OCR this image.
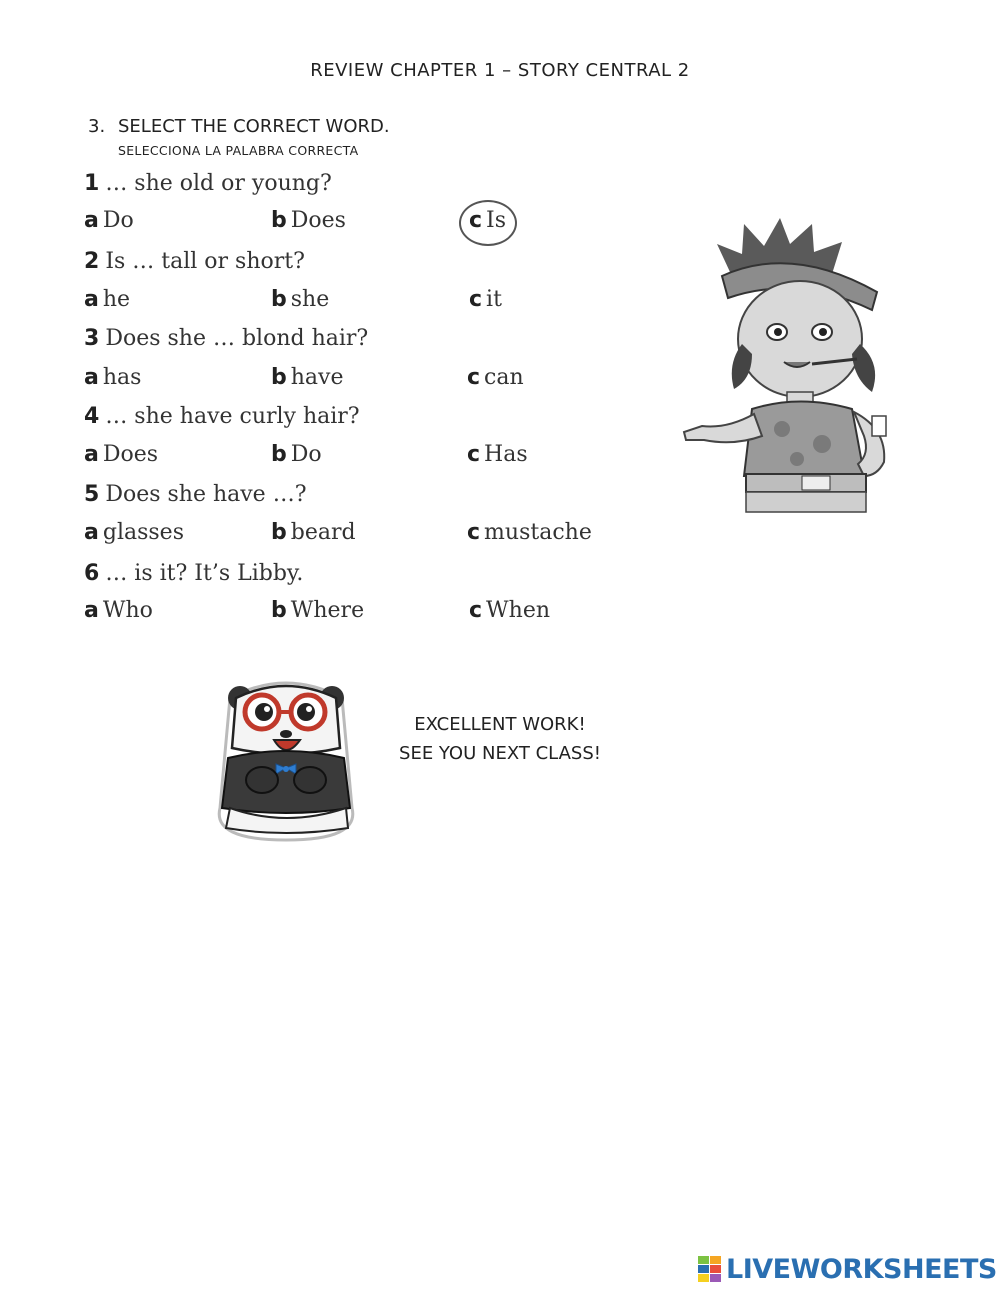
REVIEW CHAPTER 1 – STORY CENTRAL 2
3. SELECT THE CORRECT WORD.
SELECCIONA LA PALABRA CORRECTA
1 … she old or young?
a Do	b Does	c Is
2 Is … tall or short?
a he	b she	c it
3 Does she … blond hair?
a has	b have	c can
4 … she have curly hair?
a Does	b Do	c Has
5 Does she have …?
a glasses	b beard	c mustache
6 … is it? It’s Libby.
a Who	b Where	c When
EXCELLENT WORK!
SEE YOU NEXT CLASS!
LIVEWORKSHEETS
